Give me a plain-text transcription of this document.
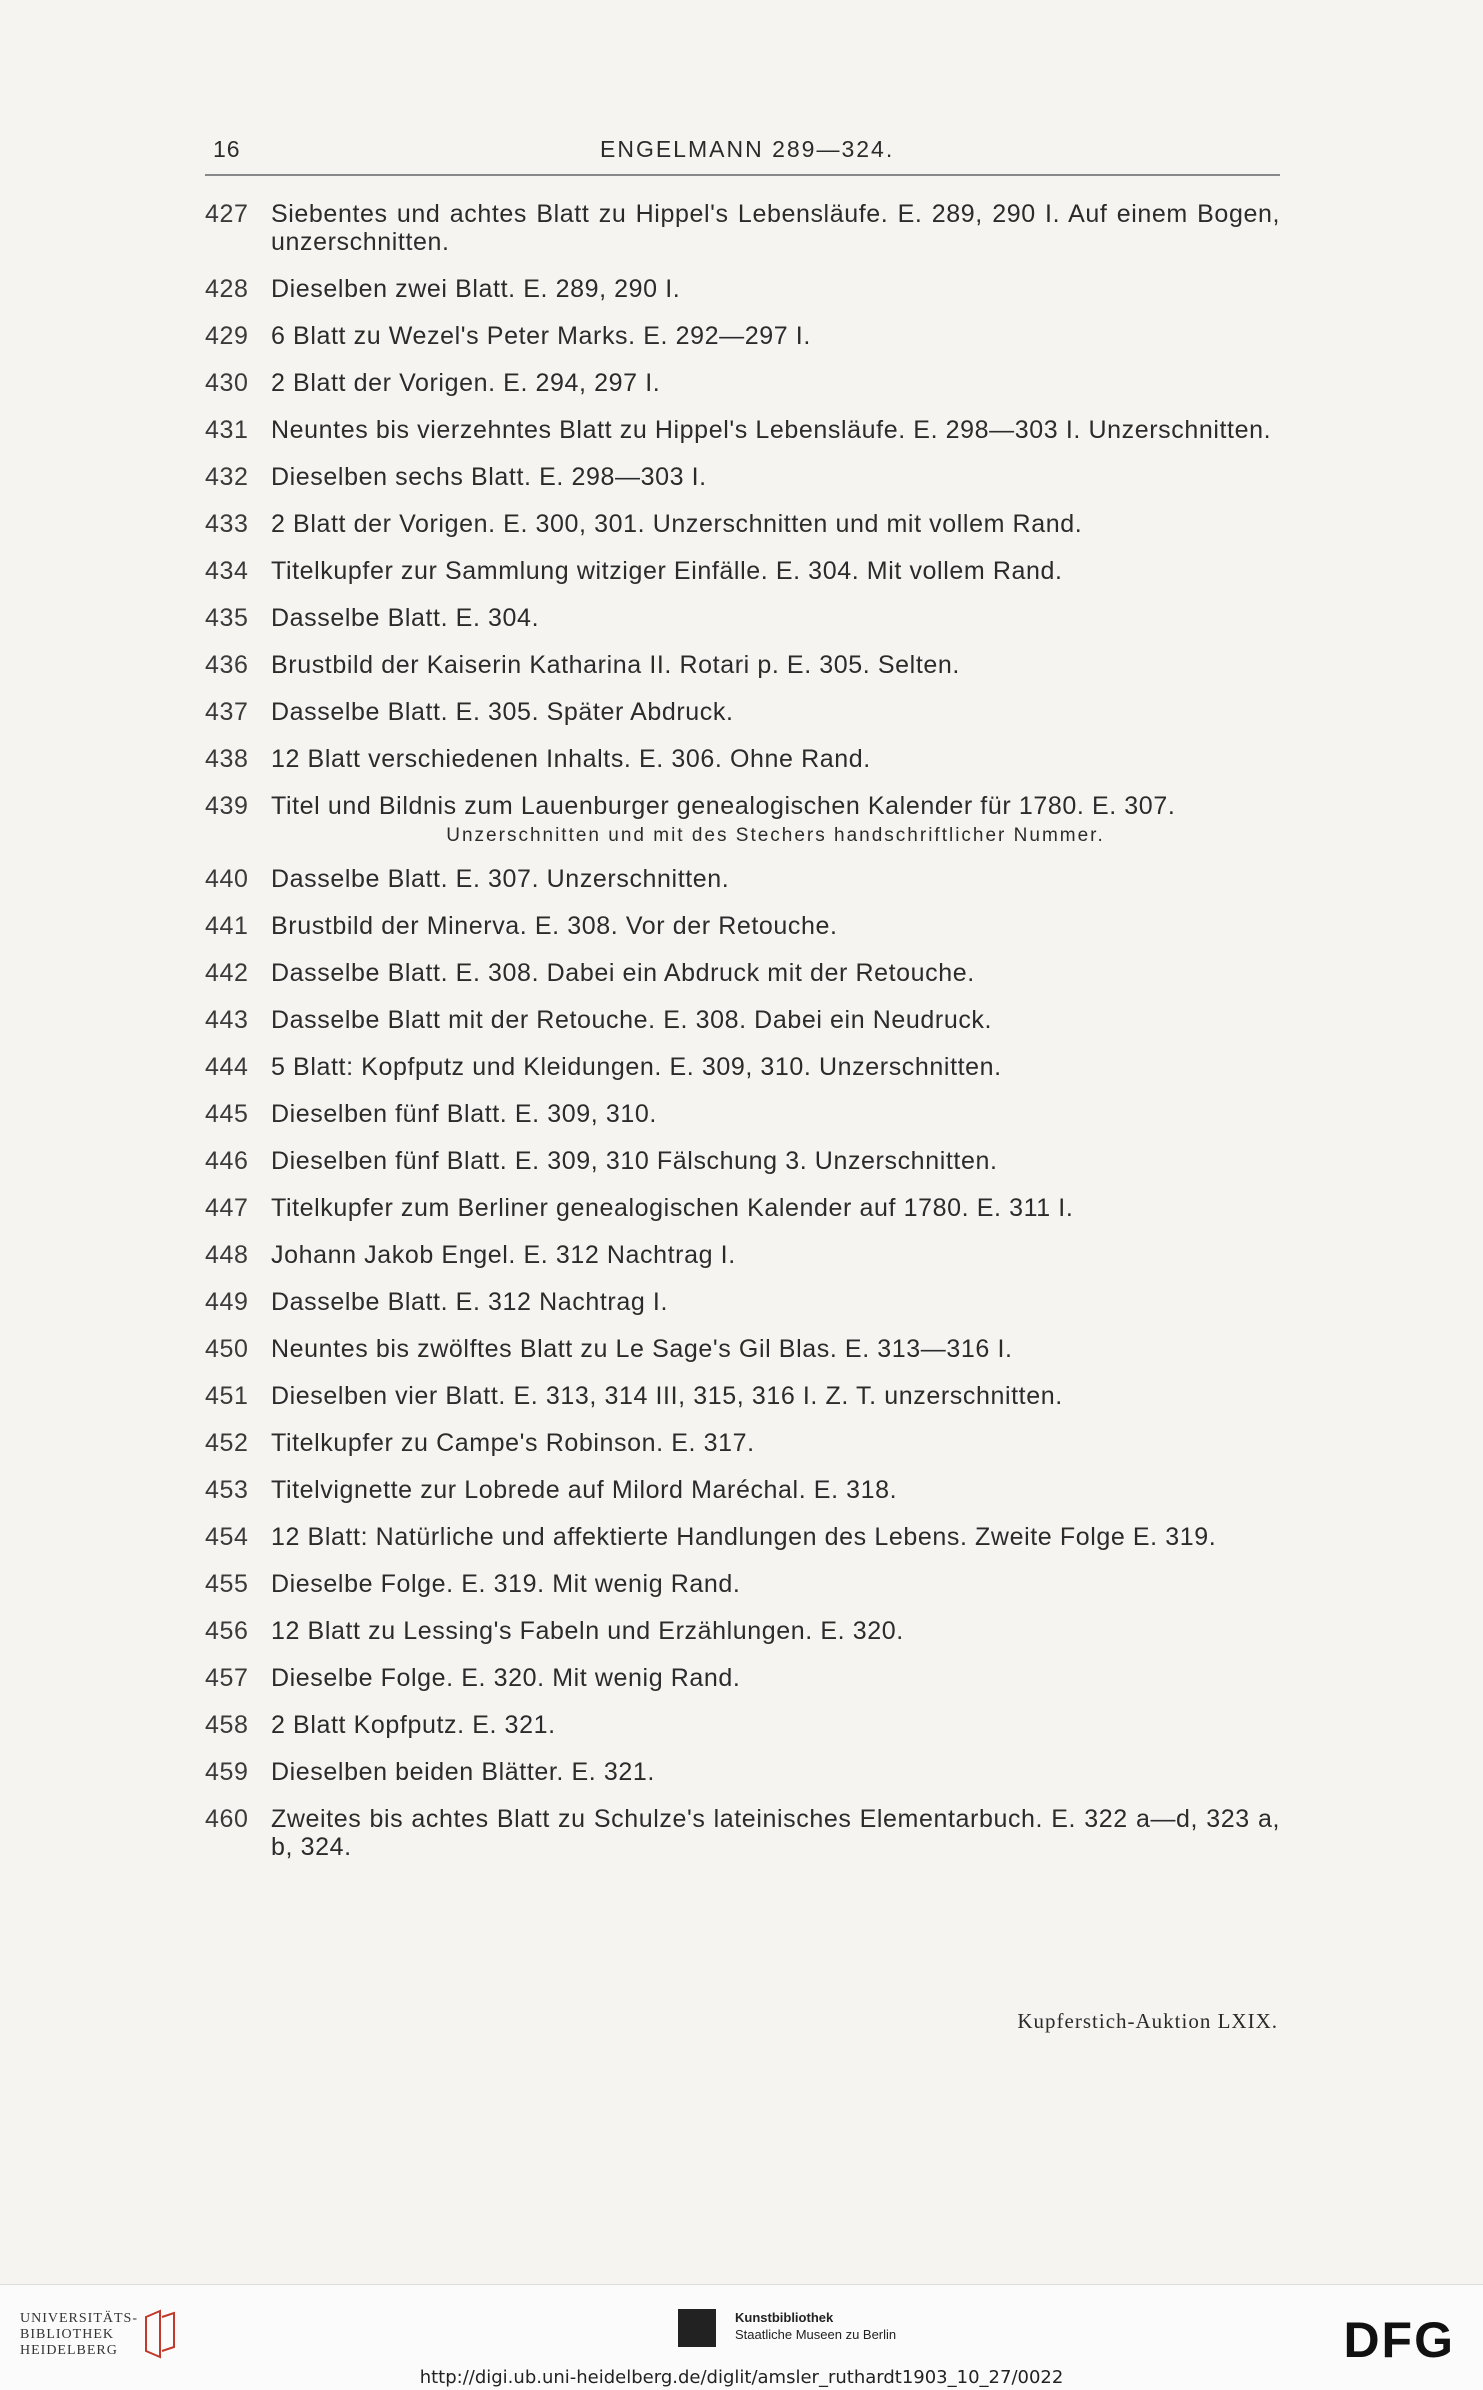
16	ENGELMANN 289—324.
427 Siebentes und achtes Blatt zu Hippel's Lebensläufe. E. 289, 290 I. Auf einem Bogen, unzerschnitten.
428 Dieselben zwei Blatt. E. 289, 290 I.
429 6 Blatt zu Wezel's Peter Marks. E. 292—297 I.
430 2 Blatt der Vorigen. E. 294, 297 I.
431 Neuntes bis vierzehntes Blatt zu Hippel's Lebensläufe. E. 298—303 I. Unzerschnitten.
432 Dieselben sechs Blatt. E. 298—303 I.
433 2 Blatt der Vorigen. E. 300, 301. Unzerschnitten und mit vollem Rand.
434 Titelkupfer zur Sammlung witziger Einfälle. E. 304. Mit vollem Rand.
435 Dasselbe Blatt. E. 304.
436 Brustbild der Kaiserin Katharina II. Rotari p. E. 305. Selten.
437 Dasselbe Blatt. E. 305. Später Abdruck.
438 12 Blatt verschiedenen Inhalts. E. 306. Ohne Rand.
439 Titel und Bildnis zum Lauenburger genealogischen Kalender für 1780. E. 307.
Unzerschnitten und mit des Stechers handschriftlicher Nummer.
440 Dasselbe Blatt. E. 307. Unzerschnitten.
441 Brustbild der Minerva. E. 308. Vor der Retouche.
442 Dasselbe Blatt. E. 308. Dabei ein Abdruck mit der Retouche.
443 Dasselbe Blatt mit der Retouche. E. 308. Dabei ein Neudruck.
444 5 Blatt: Kopfputz und Kleidungen. E. 309, 310. Unzerschnitten.
445 Dieselben fünf Blatt. E. 309, 310.
446 Dieselben fünf Blatt. E. 309, 310 Fälschung 3. Unzerschnitten.
447 Titelkupfer zum Berliner genealogischen Kalender auf 1780. E. 311 I.
448 Johann Jakob Engel. E. 312 Nachtrag I.
449 Dasselbe Blatt. E. 312 Nachtrag I.
450 Neuntes bis zwölftes Blatt zu Le Sage's Gil Blas. E. 313—316 I.
451 Dieselben vier Blatt. E. 313, 314 III, 315, 316 I. Z. T. unzerschnitten.
452 Titelkupfer zu Campe's Robinson. E. 317.
453 Titelvignette zur Lobrede auf Milord Maréchal. E. 318.
454 12 Blatt: Natürliche und affektierte Handlungen des Lebens. Zweite Folge E. 319.
455 Dieselbe Folge. E. 319. Mit wenig Rand.
456 12 Blatt zu Lessing's Fabeln und Erzählungen. E. 320.
457 Dieselbe Folge. E. 320. Mit wenig Rand.
458 2 Blatt Kopfputz. E. 321.
459 Dieselben beiden Blätter. E. 321.
460 Zweites bis achtes Blatt zu Schulze's lateinisches Elementarbuch. E. 322 a—d, 323 a, b, 324.
Kupferstich-Auktion LXIX.
UNIVERSITÄTS-
BIBLIOTHEK
HEIDELBERG
Kunstbibliothek
Staatliche Museen zu Berlin	DFG
http://digi.ub.uni-heidelberg.de/diglit/amsler_ruthardt1903_10_27/0022
